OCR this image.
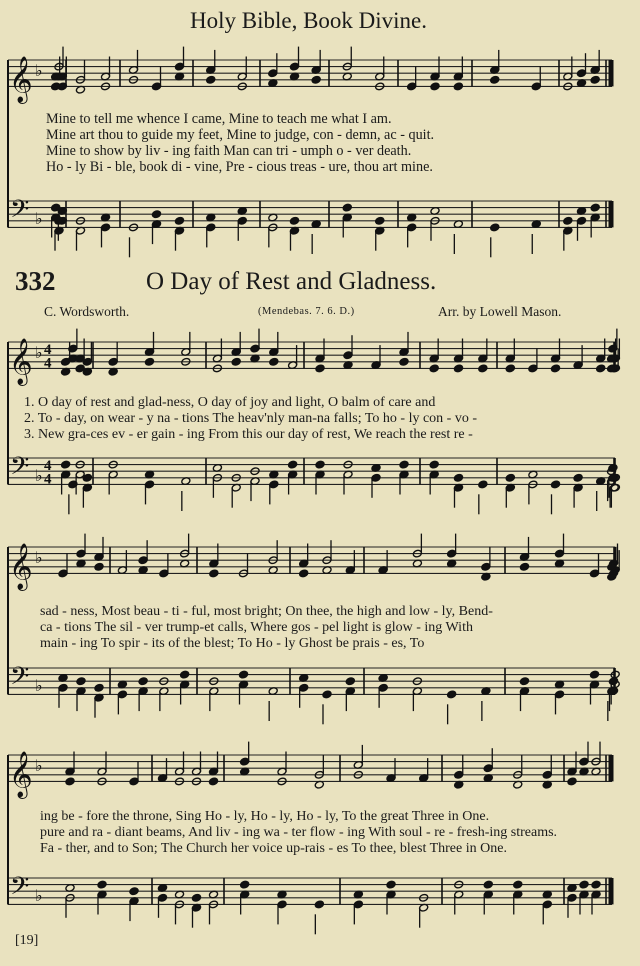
𝄞 ♭
𝄢 ♭
𝄞 ♭ 4
4
𝄢 ♭ 4
4
𝄞 ♭
𝄢 ♭
𝄞 ♭
𝄢 ♭
Holy Bible, Book Divine.
Mine to tell me whence I came, Mine to teach me what I am.
Mine art thou to guide my feet, Mine to judge, con - demn, ac - quit.
Mine to show by liv - ing faith Man can tri - umph o - ver death.
Ho - ly Bi - ble, book di - vine, Pre - cious treas - ure, thou art mine.
332	O Day of Rest and Gladness.
C. Wordsworth.	(Mendebas. 7. 6. D.)	Arr. by Lowell Mason.
1. O day of rest and glad-ness, O day of joy and light, O balm of care and
2. To - day, on wear - y na - tions The heav'nly man-na falls; To ho - ly con - vo -
3. New gra-ces ev - er gain - ing From this our day of rest, We reach the rest re -
sad - ness, Most beau - ti - ful, most bright; On thee, the high and low - ly, Bend-
ca - tions The sil - ver trump-et calls, Where gos - pel light is glow - ing With
main - ing To spir - its of the blest; To Ho - ly Ghost be prais - es, To
ing be - fore the throne, Sing Ho - ly, Ho - ly, Ho - ly, To the great Three in One.
pure and ra - diant beams, And liv - ing wa - ter flow - ing With soul - re - fresh-ing streams.
Fa - ther, and to Son; The Church her voice up-rais - es To thee, blest Three in One.
[19]
